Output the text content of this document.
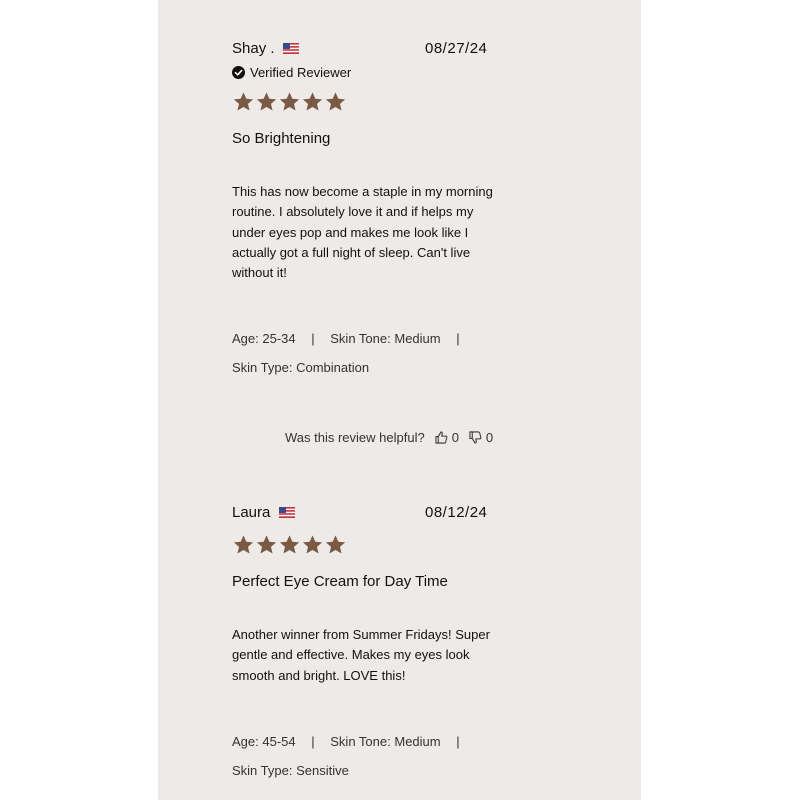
Shay .	08/27/24
Verified Reviewer
So Brightening
This has now become a staple in my morning routine. I absolutely love it and if helps my under eyes pop and makes me look like I actually got a full night of sleep. Can't live without it!
Age: 25-34 | Skin Tone: Medium |
Skin Type: Combination
Was this review helpful? 0 0
Laura	08/12/24
Perfect Eye Cream for Day Time
Another winner from Summer Fridays! Super gentle and effective. Makes my eyes look smooth and bright. LOVE this!
Age: 45-54 | Skin Tone: Medium |
Skin Type: Sensitive
